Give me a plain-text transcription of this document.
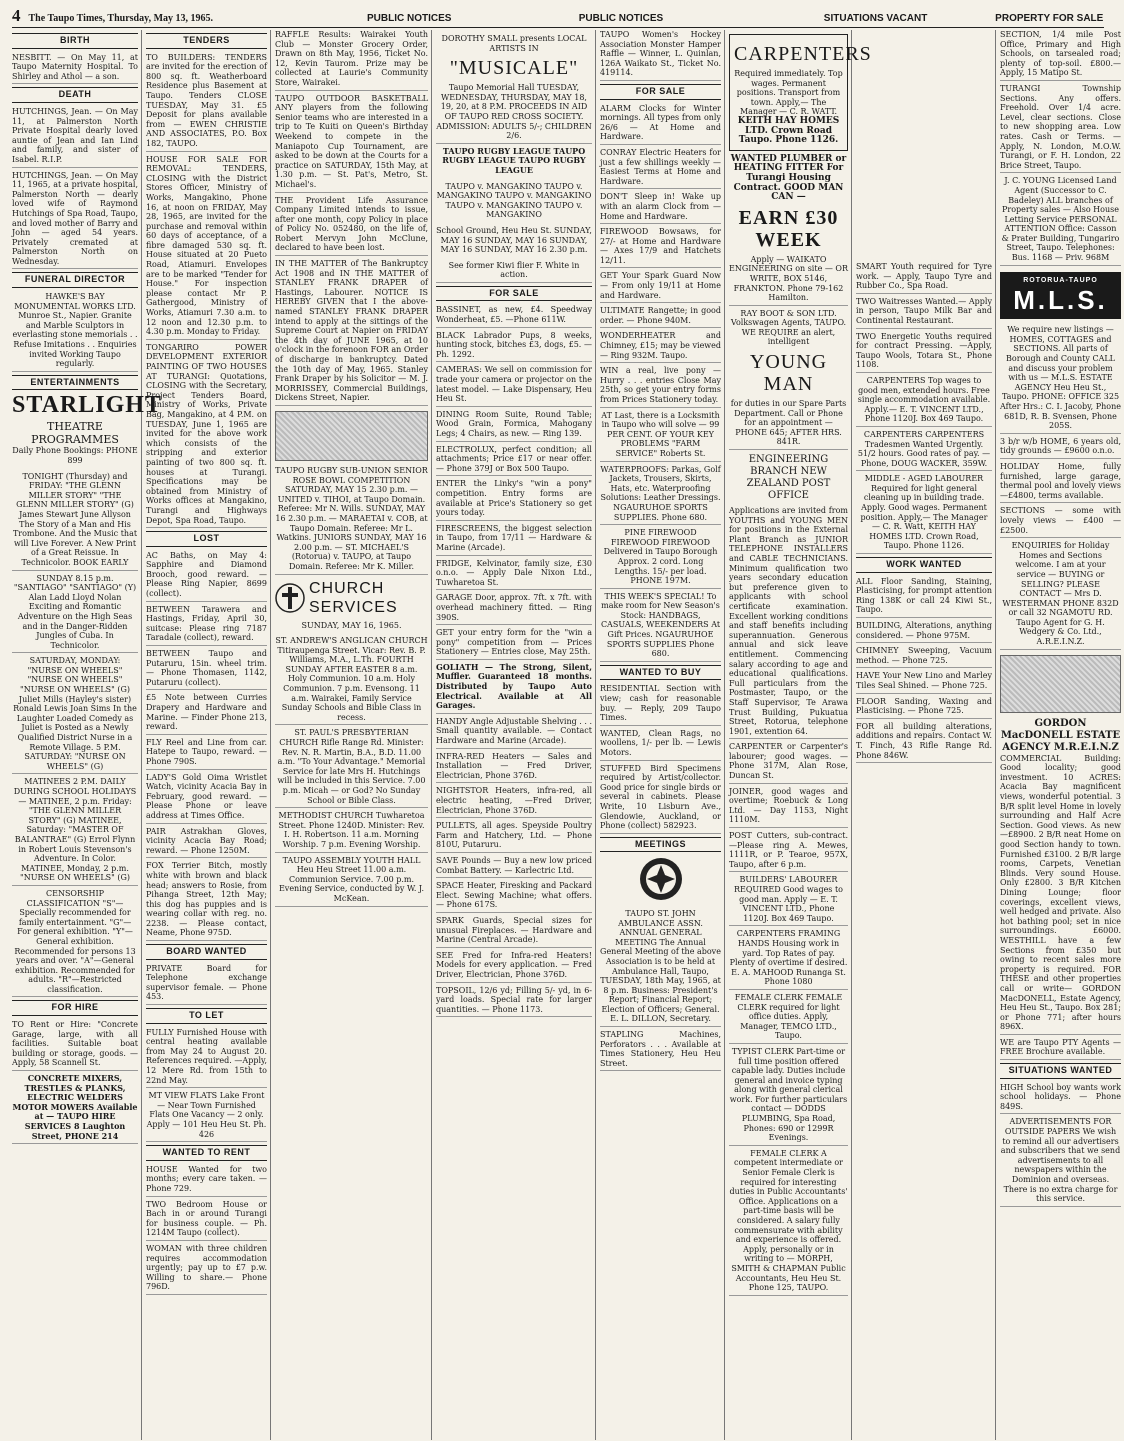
4 The Taupo Times, Thursday, May 13, 1965.	PUBLIC NOTICES	PUBLIC NOTICES	SITUATIONS VACANT	PROPERTY FOR SALE
BIRTH
NESBITT. — On May 11, at Taupo Maternity Hospital. To Shirley and Athol — a son.
DEATH
HUTCHINGS, Jean. — On May 11, at Palmerston North Private Hospital dearly loved auntie of Jean and Ian Lind and family, and sister of Isabel. R.I.P.
HUTCHINGS, Jean. — On May 11, 1965, at a private hospital, Palmerston North — dearly loved wife of Raymond Hutchings of Spa Road, Taupo, and loved mother of Barry and John — aged 54 years. Privately cremated at Palmerston North on Wednesday.
FUNERAL DIRECTOR
HAWKE'S BAY MONUMENTAL WORKS LTD. Munroe St., Napier. Granite and Marble Sculptors in everlasting stone memorials . . Refuse Imitations . . Enquiries invited Working Taupo regularly.
ENTERTAINMENTS
STARLIGHT
THEATRE PROGRAMMES
Daily Phone Bookings: PHONE 899
TONIGHT (Thursday) and FRIDAY: "THE GLENN MILLER STORY" "THE GLENN MILLER STORY" (G) James Stewart June Allyson The Story of a Man and His Trombone. And the Music that will Live Forever. A New Print of a Great Reissue. In Technicolor. BOOK EARLY
SUNDAY 8.15 p.m. "SANTIAGO" "SANTIAGO" (Y) Alan Ladd Lloyd Nolan Exciting and Romantic Adventure on the High Seas and in the Danger-Ridden Jungles of Cuba. In Technicolor.
SATURDAY, MONDAY: "NURSE ON WHEELS" "NURSE ON WHEELS" "NURSE ON WHEELS" (G) Juliet Mills (Hayley's sister) Ronald Lewis Joan Sims In the Laughter Loaded Comedy as Juliet is Posted as a Newly Qualified District Nurse in a Remote Village. 5 P.M. SATURDAY: "NURSE ON WHEELS" (G)
MATINEES 2 P.M. DAILY DURING SCHOOL HOLIDAYS — MATINEE, 2 p.m. Friday: "THE GLENN MILLER STORY" (G) MATINEE, Saturday: "MASTER OF BALANTRAE" (G) Errol Flynn in Robert Louis Stevenson's Adventure. In Color. MATINEE, Monday, 2 p.m. "NURSE ON WHEELS" (G)
CENSORSHIP CLASSIFICATION "S"—Specially recommended for family entertainment. "G"—For general exhibition. "Y"—General exhibition. Recommended for persons 13 years and over. "A"—General exhibition. Recommended for adults. "R"—Restricted classification.
FOR HIRE
TO Rent or Hire: "Concrete Garage, large, with all facilities. Suitable boat building or storage, goods. —Apply, 58 Scannell St.
CONCRETE MIXERS, TRESTLES & PLANKS, ELECTRIC WELDERS MOTOR MOWERS Available at — TAUPO HIRE SERVICES 8 Laughton Street, PHONE 214
TENDERS
TO BUILDERS: TENDERS are invited for the erection of 800 sq. ft. Weatherboard Residence plus Basement at Taupo. Tenders CLOSE TUESDAY, May 31. £5 Deposit for plans available from — EWEN CHRISTIE AND ASSOCIATES, P.O. Box 182, TAUPO.
HOUSE FOR SALE FOR REMOVAL: TENDERS, CLOSING with the District Stores Officer, Ministry of Works, Mangakino, Phone 16, at noon on FRIDAY, May 28, 1965, are invited for the purchase and removal within 60 days of acceptance, of a fibre damaged 530 sq. ft. House situated at 20 Pueto Road, Atiamuri. Envelopes are to be marked "Tender for House." For inspection please contact Mr P. Gathergood, Ministry of Works, Atiamuri 7.30 a.m. to 12 noon and 12.30 p.m. to 4.30 p.m. Monday to Friday.
TONGARIRO POWER DEVELOPMENT EXTERIOR PAINTING OF TWO HOUSES AT TURANGI: Quotations, CLOSING with the Secretary, Project Tenders Board, Ministry of Works, Private Bag, Mangakino, at 4 P.M. on TUESDAY, June 1, 1965 are invited for the above work which consists of the stripping and exterior painting of two 800 sq. ft. houses at Turangi. Specifications may be obtained from Ministry of Works offices at Mangakino, Turangi and Highways Depot, Spa Road, Taupo.
LOST
AC Baths, on May 4: Sapphire and Diamond Brooch, good reward. — Please Ring Napier, 8699 (collect).
BETWEEN Tarawera and Hastings, Friday, April 30, suitcase: Please ring 7187 Taradale (collect), reward.
BETWEEN Taupo and Putaruru, 15in. wheel trim. — Phone Thomasen, 1142, Putaruru (collect).
£5 Note between Curries Drapery and Hardware and Marine. — Finder Phone 213, reward.
FLY Reel and Line from car. Hatepe to Taupo, reward. — Phone 790S.
LADY'S Gold Oima Wristlet Watch, vicinity Acacia Bay in February, good reward. —Please Phone or leave address at Times Office.
PAIR Astrakhan Gloves, vicinity Acacia Bay Road; reward. — Phone 1250M.
FOX Terrier Bitch, mostly white with brown and black head; answers to Rosie, from Pihanga Street, 12th May; this dog has puppies and is wearing collar with reg. no. 2238. — Please contact, Neame, Phone 975D.
BOARD WANTED
PRIVATE Board for Telephone exchange supervisor female. — Phone 453.
TO LET
FULLY Furnished House with central heating available from May 24 to August 20. References required. —Apply, 12 Mere Rd. from 15th to 22nd May.
MT VIEW FLATS Lake Front — Near Town Furnished Flats One Vacancy — 2 only. Apply — 101 Heu Heu St. Ph. 426
WANTED TO RENT
HOUSE Wanted for two months; every care taken. —Phone 729.
TWO Bedroom House or Bach in or around Turangi for business couple. — Ph. 1214M Taupo (collect).
WOMAN with three children requires accommodation urgently; pay up to £7 p.w. Willing to share.— Phone 796D.
RAFFLE Results: Wairakei Youth Club — Monster Grocery Order, Drawn on 8th May, 1956, Ticket No. 12, Kevin Taurom. Prize may be collected at Laurie's Community Store, Wairakei.
TAUPO OUTDOOR BASKETBALL ANY players from the following Senior teams who are interested in a trip to Te Kuiti on Queen's Birthday Weekend to compete in the Maniapoto Cup Tournament, are asked to be down at the Courts for a practice on SATURDAY, 15th May, at 1.30 p.m. — St. Pat's, Metro, St. Michael's.
THE Provident Life Assurance Company Limited intends to issue, after one month, copy Policy in place of Policy No. 052480, on the life of, Robert Mervyn John McClune, declared to have been lost.
IN THE MATTER of The Bankruptcy Act 1908 and IN THE MATTER of STANLEY FRANK DRAPER of Hastings, Labourer. NOTICE IS HEREBY GIVEN that I the above-named STANLEY FRANK DRAPER intend to apply at the sittings of the Supreme Court at Napier on FRIDAY the 4th day of JUNE 1965, at 10 o'clock in the forenoon FOR an Order of discharge in bankruptcy. Dated the 10th day of May, 1965. Stanley Frank Draper by his Solicitor — M. J. MORRISSEY, Commercial Buildings, Dickens Street, Napier.
TAUPO RUGBY SUB-UNION SENIOR ROSE BOWL COMPETITION SATURDAY, MAY 15 2.30 p.m. — UNITED v. TIHOI, at Taupo Domain. Referee: Mr N. Wills. SUNDAY, MAY 16 2.30 p.m. — MARAETAI v. COB, at Taupo Domain. Referee: Mr L. Watkins. JUNIORS SUNDAY, MAY 16 2.00 p.m. — ST. MICHAEL'S (Rotorua) v. TAUPO, at Taupo Domain. Referee: Mr K. Miller.
CHURCH SERVICES
SUNDAY, MAY 16, 1965.
ST. ANDREW'S ANGLICAN CHURCH Titiraupenga Street. Vicar: Rev. B. P. Williams, M.A., L.Th. FOURTH SUNDAY AFTER EASTER 8 a.m. Holy Communion. 10 a.m. Holy Communion. 7 p.m. Evensong. 11 a.m. Wairakei, Family Service Sunday Schools and Bible Class in recess.
ST. PAUL'S PRESBYTERIAN CHURCH Rifle Range Rd. Minister: Rev. N. R. Martin, B.A., B.D. 11.00 a.m. "To Your Advantage." Memorial Service for late Mrs H. Hutchings will be included in this Service. 7.00 p.m. Micah — or God? No Sunday School or Bible Class.
METHODIST CHURCH Tuwharetoa Street. Phone 1240D. Minister: Rev. I. H. Robertson. 11 a.m. Morning Worship. 7 p.m. Evening Worship.
TAUPO ASSEMBLY YOUTH HALL Heu Heu Street 11.00 a.m. Communion Service. 7.00 p.m. Evening Service, conducted by W. J. McKean.
DOROTHY SMALL presents LOCAL ARTISTS IN
"MUSICALE"
Taupo Memorial Hall TUESDAY, WEDNESDAY, THURSDAY, MAY 18, 19, 20, at 8 P.M. PROCEEDS IN AID OF TAUPO RED CROSS SOCIETY. ADMISSION: ADULTS 5/-; CHILDREN 2/6.
TAUPO RUGBY LEAGUE TAUPO RUGBY LEAGUE TAUPO RUGBY LEAGUE
TAUPO v. MANGAKINO TAUPO v. MANGAKINO TAUPO v. MANGAKINO TAUPO v. MANGAKINO TAUPO v. MANGAKINO
School Ground, Heu Heu St. SUNDAY, MAY 16 SUNDAY, MAY 16 SUNDAY, MAY 16 SUNDAY, MAY 16 2.30 p.m.
See former Kiwi flier F. White in action.
FOR SALE
BASSINET, as new, £4. Speedway Wonderheat, £5. —Phone 611W.
BLACK Labrador Pups, 8 weeks, hunting stock, bitches £3, dogs, £5. — Ph. 1292.
CAMERAS: We sell on commission for trade your camera or projector on the latest model. — Lake Dispensary, Heu Heu St.
DINING Room Suite, Round Table; Wood Grain, Formica, Mahogany Legs; 4 Chairs, as new. — Ring 139.
ELECTROLUX, perfect condition; all attachments; Price £17 or near offer. — Phone 379J or Box 500 Taupo.
ENTER the Linky's "win a pony" competition. Entry forms are available at Price's Stationery so get yours today.
FIRESCREENS, the biggest selection in Taupo, from 17/11 — Hardware & Marine (Arcade).
FRIDGE, Kelvinator, family size, £30 o.n.o. — Apply Dale Nixon Ltd., Tuwharetoa St.
GARAGE Door, approx. 7ft. x 7ft. with overhead machinery fitted. — Ring 390S.
GET your entry form for the "win a pony" competition from — Prices Stationery — Entries close, May 25th.
GOLIATH — The Strong, Silent, Muffler. Guaranteed 18 months. Distributed by Taupo Auto Electrical. Available at All Garages.
HANDY Angle Adjustable Shelving . . . Small quantity available. — Contact Hardware and Marine (Arcade).
INFRA-RED Heaters — Sales and Installation — Fred Driver, Electrician, Phone 376D.
NIGHTSTOR Heaters, infra-red, all electric heating, —Fred Driver, Electrician, Phone 376D.
PULLETS, all ages. Speyside Poultry Farm and Hatchery, Ltd. — Phone 810U, Putaruru.
SAVE Pounds — Buy a new low priced Combat Battery. — Karlectric Ltd.
SPACE Heater, Firesking and Packard Elect. Sewing Machine; what offers. — Phone 617S.
SPARK Guards, Special sizes for unusual Fireplaces. — Hardware and Marine (Central Arcade).
SEE Fred for Infra-red Heaters! Models for every application. — Fred Driver, Electrician, Phone 376D.
TOPSOIL, 12/6 yd; Filling 5/- yd, in 6-yard loads. Special rate for larger quantities. — Phone 1173.
TAUPO Women's Hockey Association Monster Hamper Raffle — Winner, L. Quinlan, 126A Waikato St., Ticket No. 419114.
FOR SALE
ALARM Clocks for Winter mornings. All types from only 26/6 — At Home and Hardware.
CONRAY Electric Heaters for just a few shillings weekly — Easiest Terms at Home and Hardware.
DON'T Sleep in! Wake up with an alarm Clock from — Home and Hardware.
FIREWOOD Bowsaws, for 27/- at Home and Hardware — Axes 17/9 and Hatchets 12/11.
GET Your Spark Guard Now — From only 19/11 at Home and Hardware.
ULTIMATE Rangette; in good order. — Phone 940M.
WONDERHEATER and Chimney, £15; may be viewed — Ring 932M. Taupo.
WIN a real, live pony — Hurry . . . entries Close May 25th, so get your entry forms from Prices Stationery today.
AT Last, there is a Locksmith in Taupo who will solve — 99 PER CENT. OF YOUR KEY PROBLEMS "FARM SERVICE" Roberts St.
WATERPROOFS: Parkas, Golf Jackets, Trousers, Skirts, Hats, etc. Waterproofing Solutions: Leather Dressings. NGAURUHOE SPORTS SUPPLIES. Phone 680.
PINE FIREWOOD FIREWOOD FIREWOOD Delivered in Taupo Borough Approx. 2 cord. Long Lengths. 15/- per load. PHONE 197M.
THIS WEEK'S SPECIAL! To make room for New Season's Stock: HANDBAGS, CASUALS, WEEKENDERS At Gift Prices. NGAURUHOE SPORTS SUPPLIES Phone 680.
WANTED TO BUY
RESIDENTIAL Section with view; cash for reasonable buy. — Reply, 209 Taupo Times.
WANTED, Clean Rags, no woollens, 1/- per lb. — Lewis Motors.
STUFFED Bird Specimens required by Artist/collector. Good price for single birds or several in cabinets. Please Write, 10 Lisburn Ave., Glendowie, Auckland, or Phone (collect) 582923.
MEETINGS
TAUPO ST. JOHN AMBULANCE ASSN. ANNUAL GENERAL MEETING The Annual General Meeting of the above Association is to be held at Ambulance Hall, Taupo, TUESDAY, 18th May, 1965, at 8 p.m. Business: President's Report; Financial Report; Election of Officers; General. E. L. DILLON, Secretary.
STAPLING Machines, Perforators . . . Available at Times Stationery, Heu Heu Street.
CARPENTERS
Required immediately. Top wages. Permanent positions. Transport from town. Apply,— The Manager — C. R. WATT.
KEITH HAY HOMES LTD. Crown Road Taupo. Phone 1126.
WANTED PLUMBER or HEATING FITTER For Turangi Housing Contract. GOOD MAN CAN —
EARN £30 WEEK
Apply — WAIKATO ENGINEERING on site — OR WRITE, BOX 5146, FRANKTON. Phone 79-162 Hamilton.
RAY BOOT & SON LTD. Volkswagen Agents, TAUPO. WE REQUIRE an alert, intelligent
YOUNG MAN
for duties in our Spare Parts Department. Call or Phone for an appointment — PHONE 645; AFTER HRS. 841R.
ENGINEERING BRANCH NEW ZEALAND POST OFFICE
Applications are invited from YOUTHS and YOUNG MEN for positions in the External Plant Branch as JUNIOR TELEPHONE INSTALLERS and CABLE TECHNICIANS. Minimum qualification two years secondary education but preference given to applicants with school certificate examination. Excellent working conditions and staff benefits including superannuation. Generous annual and sick leave entitlement. Commencing salary according to age and educational qualifications. Full particulars from the Postmaster, Taupo, or the Staff Supervisor, Te Arawa Trust Building, Pukuatua Street, Rotorua, telephone 1901, extention 64.
CARPENTER or Carpenter's labourer; good wages. —Phone 317M, Alan Rose, Duncan St.
JOINER, good wages and overtime; Roebuck & Long Ltd. — Day 1153, Night 1110M.
POST Cutters, sub-contract. —Please ring A. Mewes, 1111R, or P. Tearoe, 957X, Taupo, after 6 p.m.
BUILDERS' LABOURER REQUIRED Good wages to good man. Apply — E. T. VINCENT LTD., Phone 1120J. Box 469 Taupo.
CARPENTERS FRAMING HANDS Housing work in yard. Top Rates of pay. Plenty of overtime if desired. E. A. MAHOOD Runanga St. Phone 1080
FEMALE CLERK FEMALE CLERK required for light office duties. Apply, Manager, TEMCO LTD., Taupo.
TYPIST CLERK Part-time or full time position offered capable lady. Duties include general and invoice typing along with general clerical work. For further particulars contact — DODDS PLUMBING, Spa Road, Phones: 690 or 1299R Evenings.
FEMALE CLERK A competent intermediate or Senior Female Clerk is required for interesting duties in Public Accountants' Office. Applications on a part-time basis will be considered. A salary fully commensurate with ability and experience is offered. Apply, personally or in writing to — MORPH, SMITH & CHAPMAN Public Accountants, Heu Heu St. Phone 125, TAUPO.
SMART Youth required for Tyre work. — Apply, Taupo Tyre and Rubber Co., Spa Road.
TWO Waitresses Wanted.— Apply in person, Taupo Milk Bar and Continental Restaurant.
TWO Energetic Youths required for contract Pressing. —Apply, Taupo Wools, Totara St., Phone 1108.
CARPENTERS Top wages to good men, extended hours. Free single accommodation available. Apply.— E. T. VINCENT LTD., Phone 1120J. Box 469 Taupo.
CARPENTERS CARPENTERS Tradesmen Wanted Urgently. 51/2 hours. Good rates of pay. — Phone, DOUG WACKER, 359W.
MIDDLE - AGED LABOURER Required for light general cleaning up in building trade. Apply. Good wages. Permanent position. Apply,— The Manager — C. R. Watt, KEITH HAY HOMES LTD. Crown Road, Taupo. Phone 1126.
WORK WANTED
ALL Floor Sanding, Staining, Plasticising, for prompt attention Ring 138K or call 24 Kiwi St., Taupo.
BUILDING, Alterations, anything considered. — Phone 975M.
CHIMNEY Sweeping, Vacuum method. — Phone 725.
HAVE Your New Lino and Marley Tiles Seal Shined. — Phone 725.
FLOOR Sanding, Waxing and Plasticising. — Phone 725.
FOR all building alterations, additions and repairs. Contact W. T. Finch, 43 Rifle Range Rd. Phone 846W.
SECTION, 1/4 mile Post Office, Primary and High Schools, on tarsealed road; plenty of top-soil. £800.— Apply, 15 Matipo St.
TURANGI Township Sections. Any offers. Freehold. Over 1/4 acre. Level, clear sections. Close to new shopping area. Low rates. Cash or Terms. — Apply, N. London, M.O.W. Turangi, or F. H. London, 22 Brice Street, Taupo.
J. C. YOUNG Licensed Land Agent (Successor to C. Badeley) ALL branches of Property sales — Also House Letting Service PERSONAL ATTENTION Office: Casson & Prater Building, Tungariro Street, Taupo. Telephones: Bus. 1168 — Priv. 968M
ROTORUA-TAUPO
M.L.S.
We require new listings — HOMES, COTTAGES and SECTIONS. All parts of Borough and County CALL and discuss your problem with us — M.L.S. ESTATE AGENCY Heu Heu St., Taupo. PHONE: OFFICE 325 After Hrs.: C. I. Jacoby, Phone 681D, R. B. Svensen, Phone 205S.
3 b/r w/b HOME, 6 years old, tidy grounds — £9600 o.n.o.
HOLIDAY Home, fully furnished, large garage, thermal pool and lovely views —£4800, terms available.
SECTIONS — some with lovely views — £400 — £2500.
ENQUIRIES for Holiday Homes and Sections welcome. I am at your service — BUYING or SELLING? PLEASE CONTACT — Mrs D. WESTERMAN PHONE 832D or call 32 NGAMOTU RD. Taupo Agent for G. H. Wedgery & Co. Ltd., A.R.E.I.N.Z.
GORDON MacDONELL ESTATE AGENCY M.R.E.I.N.Z
COMMERCIAL Building: Good locality; good investment. 10 ACRES: Acacia Bay magnificent views, wonderful potential. 3 B/R split level Home in lovely surrounding and Half Acre Section. Good views. As new —£8900. 2 B/R neat Home on good Section handy to town. Furnished £3100. 2 B/R large rooms, Carpets, Venetian Blinds. Very sound House. Only £2800. 3 B/R Kitchen Dining Lounge; floor coverings, excellent views, well hedged and private. Also hot bathing pool; set in nice surroundings. £6000. WESTHILL have a few Sections from £350 but owing to recent sales more property is required. FOR THESE and other properties call or write— GORDON MacDONELL, Estate Agency, Heu Heu St., Taupo. Box 281; or Phone 771; after hours 896X.
WE are Taupo PTY Agents — FREE Brochure available.
SITUATIONS WANTED
HIGH School boy wants work school holidays. — Phone 849S.
ADVERTISEMENTS FOR OUTSIDE PAPERS We wish to remind all our advertisers and subscribers that we send advertisements to all newspapers within the Dominion and overseas. There is no extra charge for this service.
